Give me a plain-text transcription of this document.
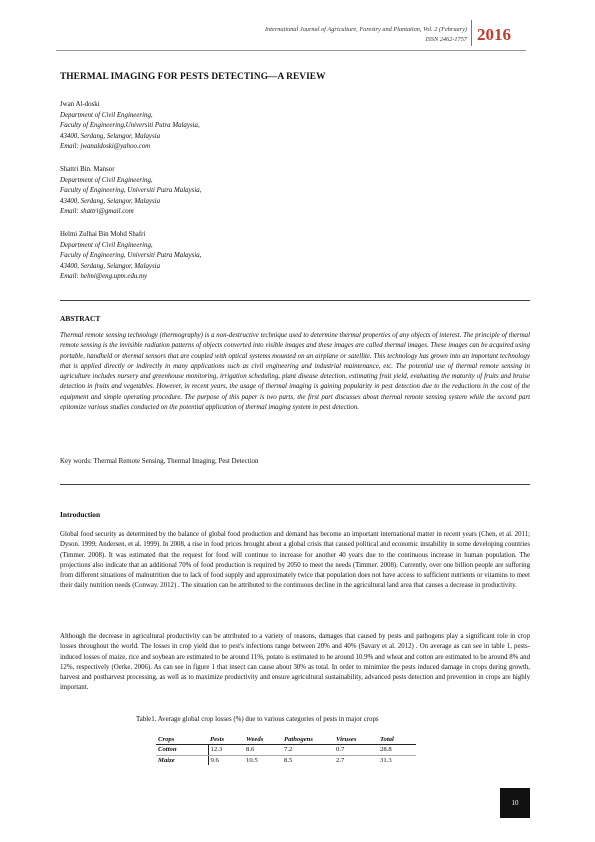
International Journal of Agriculture, Forestry and Plantation, Vol. 2 (February)
ISSN 2462-1757 2016
THERMAL IMAGING FOR PESTS DETECTING—A REVIEW
Jwan Al-doski
Department of Civil Engineering,
Faculty of Engineering,Universiti Putra Malaysia,
43400, Serdang, Selangor, Malaysia
Email: jwanaldoski@yahoo.com
Shattri Bin. Mansor
Department of Civil Engineering,
Faculty of Engineering, Universiti Putra Malaysia,
43400, Serdang, Selangor, Malaysia
Email: shattri@gmail.com
Helmi Zulhai Bin Mohd Shafri
Department of Civil Engineering,
Faculty of Engineering, Universiti Putra Malaysia,
43400, Serdang, Selangor, Malaysia
Email: helmi@eng.upm.edu.my
ABSTRACT
Thermal remote sensing technology (thermography) is a non-destructive technique used to determine thermal properties of any objects of interest. The principle of thermal remote sensing is the invisible radiation patterns of objects converted into visible images and these images are called thermal images. These images can be acquired using portable, handheld or thermal sensors that are coupled with optical systems mounted on an airplane or satellite. This technology has grown into an important technology that is applied directly or indirectly in many applications such as civil engineering and industrial maintenance, etc. The potential use of thermal remote sensing in agriculture includes nursery and greenhouse monitoring, irrigation scheduling, plant disease detection, estimating fruit yield, evaluating the maturity of fruits and bruise detection in fruits and vegetables. However, in recent years, the usage of thermal imaging is gaining popularity in pest detection due to the reductions in the cost of the equipment and simple operating procedure. The purpose of this paper is two parts, the first part discusses about thermal remote sensing system while the second part epitomize various studies conducted on the potential application of thermal imaging system in pest detection.
Key words: Thermal Remote Sensing, Thermal Imaging, Pest Detection
Introduction
Global food security as determined by the balance of global food production and demand has become an important international matter in recent years (Chen, et al. 2011; Dyson. 1999; Andersen, et al. 1999). In 2008, a rise in food prices brought about a global crisis that caused political and economic instability in some developing countries (Timmer. 2008). It was estimated that the request for food will continue to increase for another 40 years due to the continuous increase in human population. The projections also indicate that an additional 70% of food production is required by 2050 to meet the needs (Timmer. 2008). Currently, over one billion people are suffering from different situations of malnutrition due to lack of food supply and approximately twice that population does not have access to sufficient nutrients or vitamins to meet their daily nutrition needs (Conway. 2012) . The situation can be attributed to the continuous decline in the agricultural land area that causes a decrease in productivity.
Although the decrease in agricultural productivity can be attributed to a variety of reasons, damages that caused by pests and pathogens play a significant role in crop losses throughout the world. The losses in crop yield due to pest's infections range between 20% and 40% (Savary et al. 2012) . On average as can see in table 1, pests-induced losses of maize, rice and soybean are estimated to be around 11%, potato is estimated to be around 10.9% and wheat and cotton are estimated to be around 8% and 12%, respectively (Oerke. 2006). As can see in figure 1 that insect can cause about 30% as total. In order to minimize the pests induced damage in crops during growth, harvest and postharvest processing, as well as to maximize productivity and ensure agricultural sustainability, advanced pests detection and prevention in crops are highly important.
Table1. Average global crop losses (%) due to various categories of pests in major crops
Crops	Pests	Weeds	Pathogens	Viruses	Total
Cotton	12.3	8.6	7.2	0.7	28.8
Maize	9.6	10.5	8.5	2.7	31.3
10
